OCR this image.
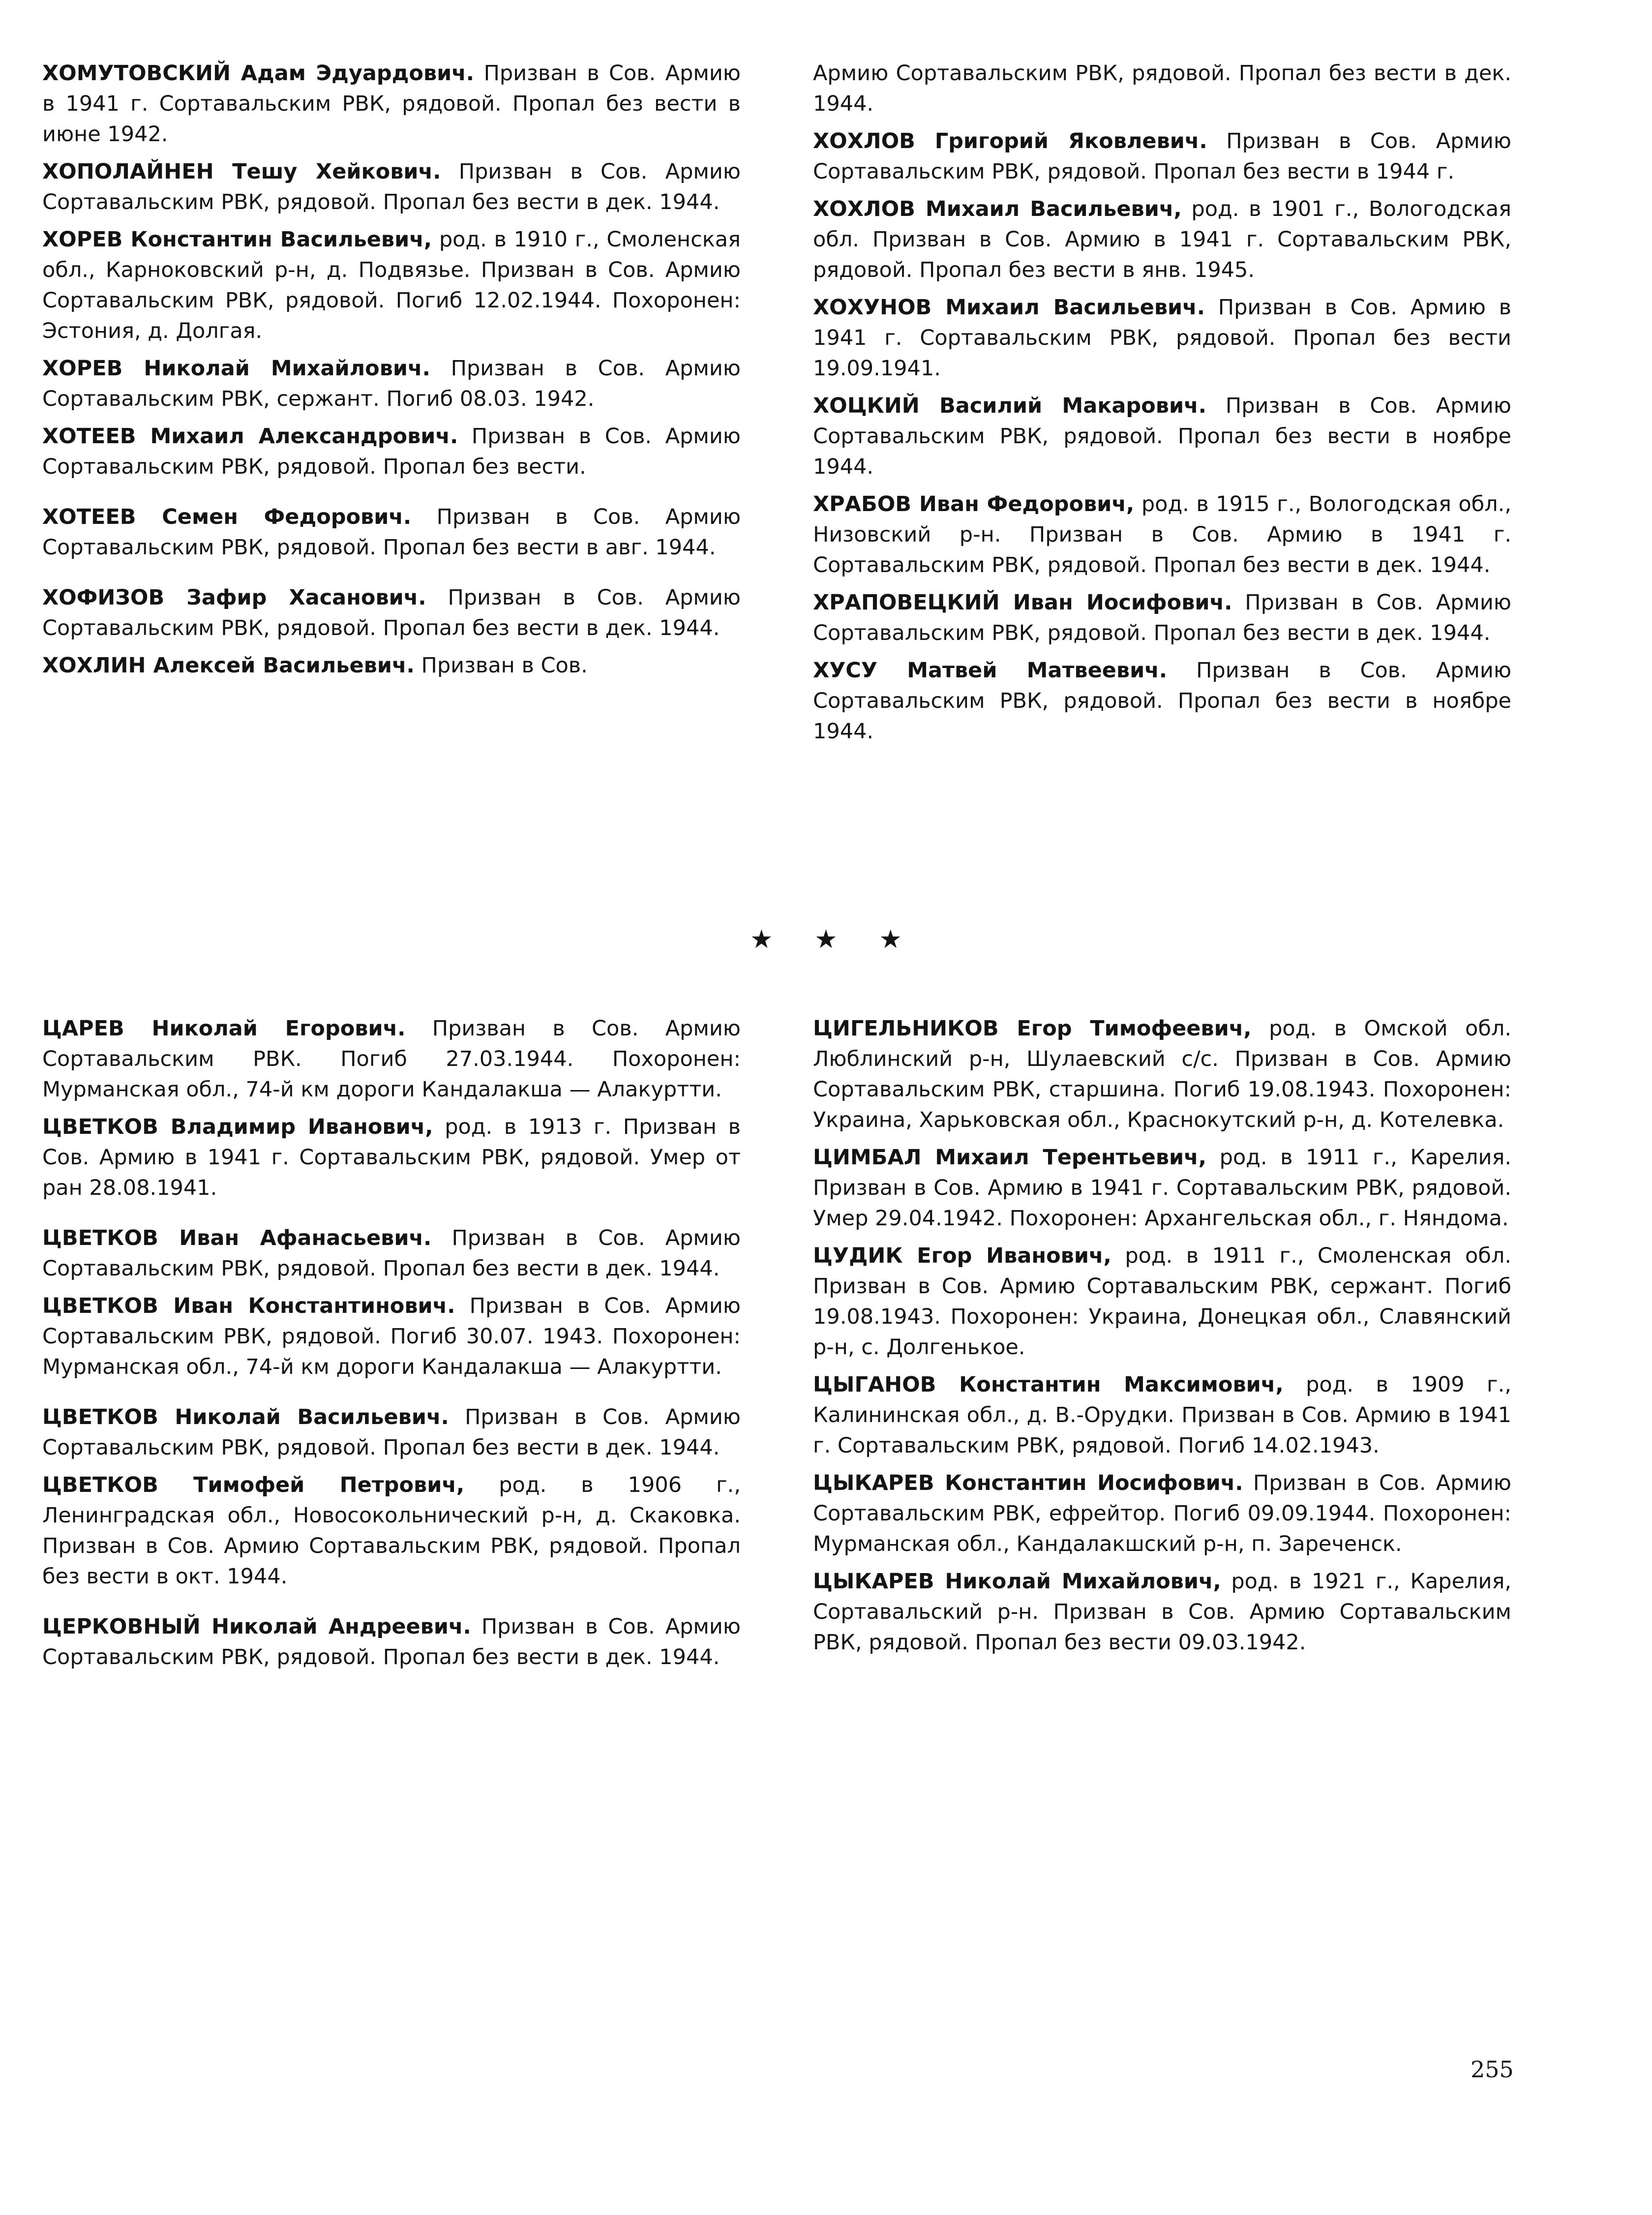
ХОМУТОВСКИЙ Адам Эдуардович. Призван в Сов. Армию в 1941 г. Сортавальским РВК, рядовой. Пропал без вести в июне 1942.

ХОПОЛАЙНЕН Тешу Хейкович. Призван в Сов. Армию Сортавальским РВК, рядовой. Пропал без вести в дек. 1944.

ХОРЕВ Константин Васильевич, род. в 1910 г., Смоленская обл., Карноковский р-н, д. Подвязье. Призван в Сов. Армию Сортавальским РВК, рядовой. Погиб 12.02.1944. Похоронен: Эстония, д. Долгая.

ХОРЕВ Николай Михайлович. Призван в Сов. Армию Сортавальским РВК, сержант. Погиб 08.03. 1942.

ХОТЕЕВ Михаил Александрович. Призван в Сов. Армию Сортавальским РВК, рядовой. Пропал без вести.

ХОТЕЕВ Семен Федорович. Призван в Сов. Армию Сортавальским РВК, рядовой. Пропал без вести в авг. 1944.

ХОФИЗОВ Зафир Хасанович. Призван в Сов. Армию Сортавальским РВК, рядовой. Пропал без вести в дек. 1944.

ХОХЛИН Алексей Васильевич. Призван в Сов.

Армию Сортавальским РВК, рядовой. Пропал без вести в дек. 1944.

ХОХЛОВ Григорий Яковлевич. Призван в Сов. Армию Сортавальским РВК, рядовой. Пропал без вести в 1944 г.

ХОХЛОВ Михаил Васильевич, род. в 1901 г., Вологодская обл. Призван в Сов. Армию в 1941 г. Сортавальским РВК, рядовой. Пропал без вести в янв. 1945.

ХОХУНОВ Михаил Васильевич. Призван в Сов. Армию в 1941 г. Сортавальским РВК, рядовой. Пропал без вести 19.09.1941.

ХОЦКИЙ Василий Макарович. Призван в Сов. Армию Сортавальским РВК, рядовой. Пропал без вести в ноябре 1944.

ХРАБОВ Иван Федорович, род. в 1915 г., Вологодская обл., Низовский р-н. Призван в Сов. Армию в 1941 г. Сортавальским РВК, рядовой. Пропал без вести в дек. 1944.

ХРАПОВЕЦКИЙ Иван Иосифович. Призван в Сов. Армию Сортавальским РВК, рядовой. Пропал без вести в дек. 1944.

ХУСУ Матвей Матвеевич. Призван в Сов. Армию Сортавальским РВК, рядовой. Пропал без вести в ноябре 1944.

★ ★ ★

ЦАРЕВ Николай Егорович. Призван в Сов. Армию Сортавальским РВК. Погиб 27.03.1944. Похоронен: Мурманская обл., 74-й км дороги Кандалакша — Алакуртти.

ЦВЕТКОВ Владимир Иванович, род. в 1913 г. Призван в Сов. Армию в 1941 г. Сортавальским РВК, рядовой. Умер от ран 28.08.1941.

ЦВЕТКОВ Иван Афанасьевич. Призван в Сов. Армию Сортавальским РВК, рядовой. Пропал без вести в дек. 1944.

ЦВЕТКОВ Иван Константинович. Призван в Сов. Армию Сортавальским РВК, рядовой. Погиб 30.07. 1943. Похоронен: Мурманская обл., 74-й км дороги Кандалакша — Алакуртти.

ЦВЕТКОВ Николай Васильевич. Призван в Сов. Армию Сортавальским РВК, рядовой. Пропал без вести в дек. 1944.

ЦВЕТКОВ Тимофей Петрович, род. в 1906 г., Ленинградская обл., Новосокольнический р-н, д. Скаковка. Призван в Сов. Армию Сортавальским РВК, рядовой. Пропал без вести в окт. 1944.

ЦЕРКОВНЫЙ Николай Андреевич. Призван в Сов. Армию Сортавальским РВК, рядовой. Пропал без вести в дек. 1944.

ЦИГЕЛЬНИКОВ Егор Тимофеевич, род. в Омской обл. Люблинский р-н, Шулаевский с/с. Призван в Сов. Армию Сортавальским РВК, старшина. Погиб 19.08.1943. Похоронен: Украина, Харьковская обл., Краснокутский р-н, д. Котелевка.

ЦИМБАЛ Михаил Терентьевич, род. в 1911 г., Карелия. Призван в Сов. Армию в 1941 г. Сортавальским РВК, рядовой. Умер 29.04.1942. Похоронен: Архангельская обл., г. Няндома.

ЦУДИК Егор Иванович, род. в 1911 г., Смоленская обл. Призван в Сов. Армию Сортавальским РВК, сержант. Погиб 19.08.1943. Похоронен: Украина, Донецкая обл., Славянский р-н, с. Долгенькое.

ЦЫГАНОВ Константин Максимович, род. в 1909 г., Калининская обл., д. В.-Орудки. Призван в Сов. Армию в 1941 г. Сортавальским РВК, рядовой. Погиб 14.02.1943.

ЦЫКАРЕВ Константин Иосифович. Призван в Сов. Армию Сортавальским РВК, ефрейтор. Погиб 09.09.1944. Похоронен: Мурманская обл., Кандалакшский р-н, п. Зареченск.

ЦЫКАРЕВ Николай Михайлович, род. в 1921 г., Карелия, Сортавальский р-н. Призван в Сов. Армию Сортавальским РВК, рядовой. Пропал без вести 09.03.1942.

255
